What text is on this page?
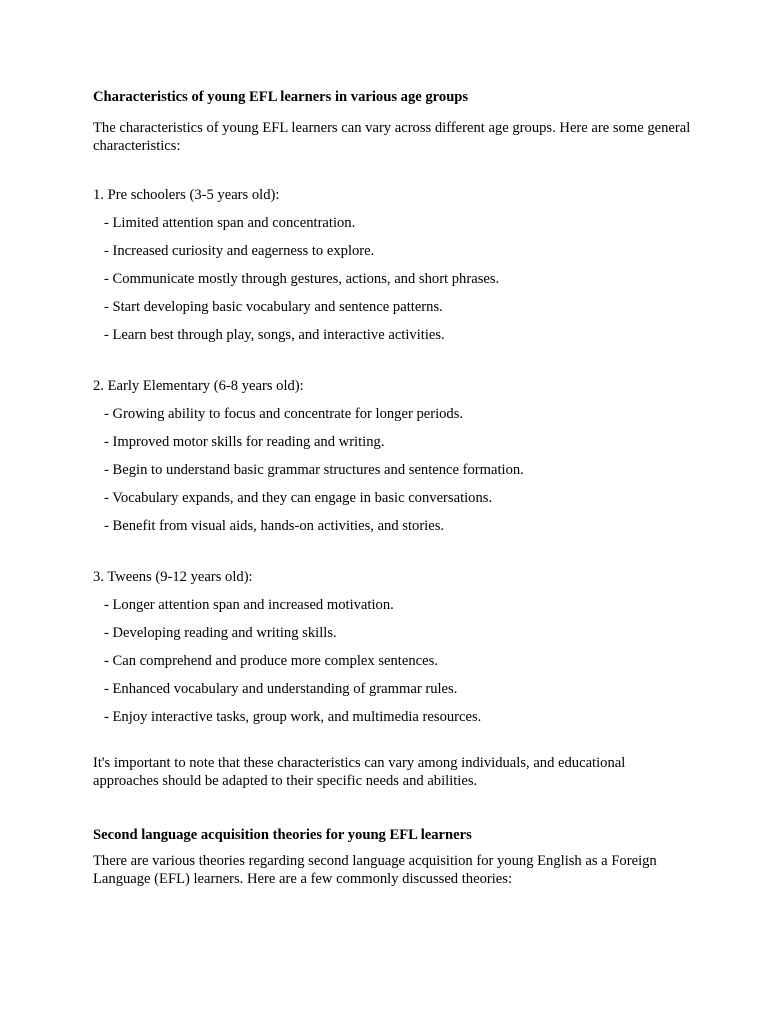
Characteristics of young EFL learners in various age groups

The characteristics of young EFL learners can vary across different age groups. Here are some general characteristics:

1. Pre schoolers (3-5 years old):

- Limited attention span and concentration.
- Increased curiosity and eagerness to explore.
- Communicate mostly through gestures, actions, and short phrases.
- Start developing basic vocabulary and sentence patterns.
- Learn best through play, songs, and interactive activities.

2. Early Elementary (6-8 years old):

- Growing ability to focus and concentrate for longer periods.
- Improved motor skills for reading and writing.
- Begin to understand basic grammar structures and sentence formation.
- Vocabulary expands, and they can engage in basic conversations.
- Benefit from visual aids, hands-on activities, and stories.

3. Tweens (9-12 years old):

- Longer attention span and increased motivation.
- Developing reading and writing skills.
- Can comprehend and produce more complex sentences.
- Enhanced vocabulary and understanding of grammar rules.
- Enjoy interactive tasks, group work, and multimedia resources.

It's important to note that these characteristics can vary among individuals, and educational approaches should be adapted to their specific needs and abilities.

Second language acquisition theories for young EFL learners

There are various theories regarding second language acquisition for young English as a Foreign Language (EFL) learners. Here are a few commonly discussed theories:
